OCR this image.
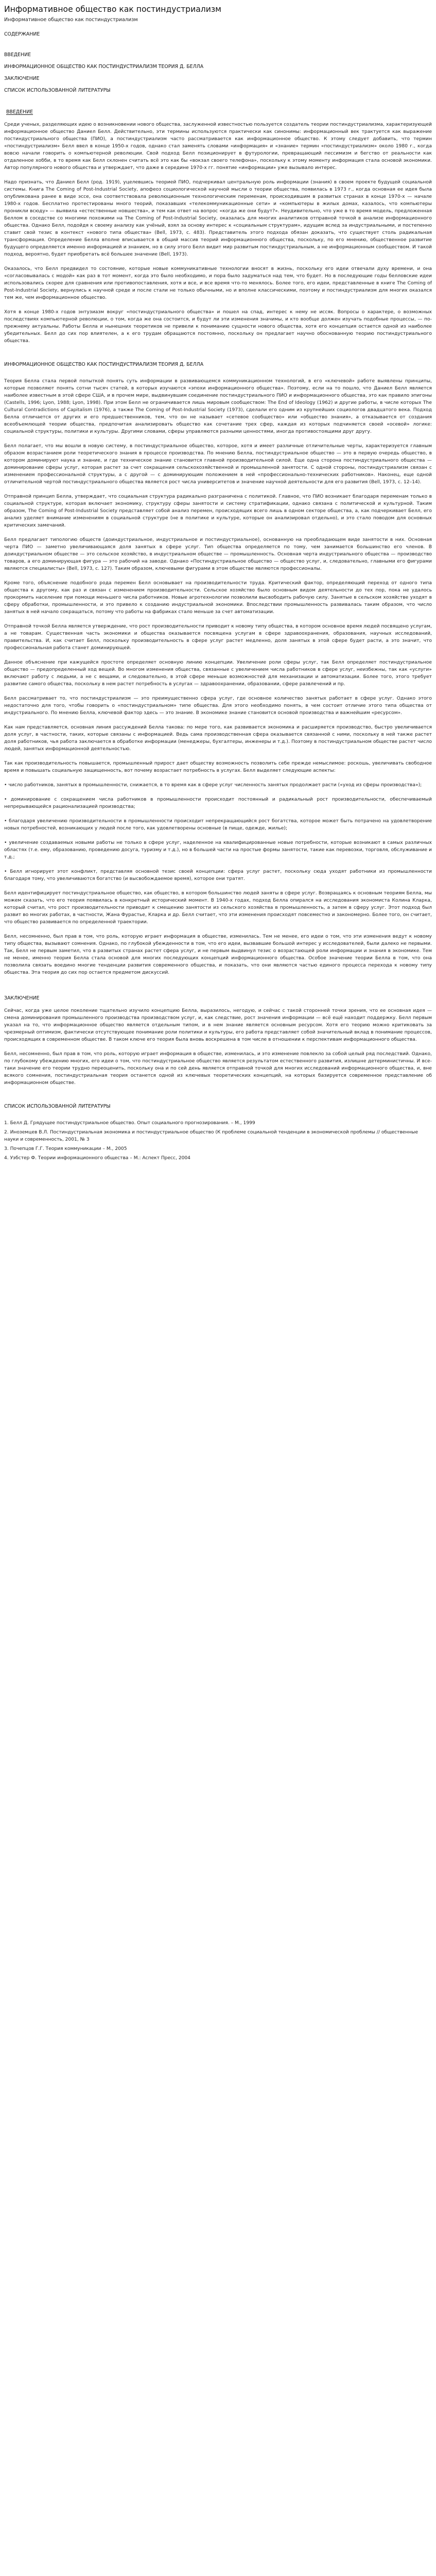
Информативное общество как постиндустриализм
Информативное общество как постиндустриализм
СОДЕРЖАНИЕ
ВВЕДЕНИЕ
ИНФОРМАЦИОННОЕ ОБЩЕСТВО КАК ПОСТИНДУСТРИАЛИЗМ ТЕОРИЯ Д. БЕЛЛА
ЗАКЛЮЧЕНИЕ
СПИСОК ИСПОЛЬЗОВАННОЙ ЛИТЕРАТУРЫ
ВВЕДЕНИЕ

Среди ученых, разделяющих идею о возникновении нового общества, заслуженной известностью пользуется создатель теории постиндустриализма, характеризующей информационное общество Даниел Белл. Действительно, эти термины используются практически как синонимы: информационный век трактуется как выражение постиндустриального общества (ПИО), а постиндустриализм часто рассматривается как информационное общество. К этому следует добавить, что термин «постиндустриализм» Белл ввел в конце 1950-х годов, однако стал заменять словами «информация» и «знание» термин «постиндустриализм» около 1980 г., когда вовсю начали говорить о компьютерной революции. Свой подход Белл позиционирует в футурологии, превращающий пессимизм и бегство от реальности как отдаленное хобби, в то время как Белл склонен считать всё это как бы «вокзал своего телефона», поскольку к этому моменту информация стала основой экономики. Автор популярного нового общества и утверждает, что даже в середине 1970-х гг. понятие «информации» уже вызывало интерес.

Надо признать, что Даниел Белл (род. 1919), уцелевшись теорией ПИО, подчеркивал центральную роль информации (знания) в своем проекте будущей социальной системы. Книга The Coming of Post-Industrial Society, апофеоз социологической научной мысли о теории общества, появилась в 1973 г., когда основная ее идея была опубликована ранее в виде эссе, она соответствовала революционным технологическим переменам, происходившим в развитых странах в конце 1970-х — начале 1980-х годов. Бесплатно протестированы много теорий, показавших «телекоммуникационные сети» и «компьютеры в жилых домах, казалось, что компьютеры проникли всюду» — выявила «естественные новшества», и тем как ответ на вопрос «когда же они будут?». Неудивительно, что уже в то время модель, предложенная Беллом в соседстве со многими похожими на The Coming of Post-Industrial Society, оказалась для многих аналитиков отправной точкой в анализе информационного общества. Однако Белл, подойдя к своему анализу как учёный, взял за основу интерес к «социальным структурам», идущим вслед за индустриальными, и постепенно ставит свой тезис в контекст «нового типа общества» (Bell, 1973, с. 483). Представитель этого подхода обязан доказать, что существует столь радикальная трансформация. Определение Белла вполне вписывается в общий массив теорий информационного общества, поскольку, по его мнению, общественное развитие будущего определяется именно информацией и знанием, но в силу этого Белл видит мир развитым постиндустриальным, а не информационным сообществом. И такой подход, вероятно, будет приобретать всё большее значение (Bell, 1973).

Оказалось, что Белл предвидел то состояние, которые новые коммуникативные технологии вносят в жизнь, поскольку его идеи отвечали духу времени, и она «согласовывалась с модой» как раз в тот момент, когда это было необходимо, и пора было задуматься над тем, что будет. Но в последующие годы белловские идеи использовались скорее для сравнения или противопоставления, хотя и все, и все время что-то менялось. Более того, его идеи, представленные в книге The Coming of Post-Industrial Society, вернулись к научной среде и после стали не только обычными, но и вполне классическими, поэтому и постиндустриализм для многих оказался тем же, чем информационное общество.

Хотя в конце 1980-х годов энтузиазм вокруг «постиндустриального общества» и пошел на спад, интерес к нему не иссяк. Вопросы о характере, о возможных последствиях компьютерной революции, о том, когда же она состоится, и будут ли эти изменения значимы, и кто вообще должен изучать подобные процессы, — по-прежнему актуальны. Работы Белла и нынешних теоретиков не привели к пониманию сущности нового общества, хотя его концепция остается одной из наиболее убедительных. Белл до сих пор влиятелен, а к его трудам обращаются постоянно, поскольку он предлагает научно обоснованную теорию постиндустриального общества.

ИНФОРМАЦИОННОЕ ОБЩЕСТВО КАК ПОСТИНДУСТРИАЛИЗМ ТЕОРИЯ Д. БЕЛЛА

Теория Белла стала первой попыткой понять суть информации в развивающемся коммуникационном технологий, в его «ключевой» работе выявлены принципы, которые позволяют понять сотни тысяч статей, в которых изучаются «эпохи информационного общества». Поэтому, если на то пошло, что Даниел Белл является наиболее известным в этой сфере США, и в прочем мире, выдвинувшим соединение постиндустриального ПИО и информационного общества, это как правило эпигоны (Castells, 1996; Lyon, 1988; Lyon, 1998). При этом Белл не ограничивается лишь мировым сообществом: The End of Ideology (1962) и другие работы, в числе которых The Cultural Contradictions of Capitalism (1976), а также The Coming of Post-Industrial Society (1973), сделали его одним из крупнейших социологов двадцатого века. Подход Белла отличается от других и его предшественников, тем, что он не называет «сетевое сообщество» или «общество знания», а отказывается от создания всеобъемлющей теории общества, предпочитая анализировать общество как сочетание трех сфер, каждая из которых подчиняется своей «осевой» логике: социальной структуры, политики и культуры. Другими словами, сферы управляются разными ценностями, иногда противостоящими друг другу.

Белл полагает, что мы вошли в новую систему, в постиндустриальное общество, которое, хотя и имеет различные отличительные черты, характеризуется главным образом возрастанием роли теоретического знания в процессе производства. По мнению Белла, постиндустриальное общество — это в первую очередь общество, в котором доминируют наука и знание, и где техническое знание становится главной производительной силой. Еще одна сторона постиндустриального общества — доминирование сферы услуг, которая растет за счет сокращения сельскохозяйственной и промышленной занятости. С одной стороны, постиндустриализм связан с изменением профессиональной структуры, а с другой — с доминирующим положением в ней «профессионально-технических работников». Наконец, еще одной отличительной чертой постиндустриального общества является рост числа университетов и значение научной деятельности для его развития (Bell, 1973, с. 12–14).

Отправной принцип Белла, утверждает, что социальная структура радикально разграничена с политикой. Главное, что ПИО возникает благодаря переменам только в социальной структуре, которая включает экономику, структуру сферы занятости и систему стратификации, однако связана с политической и культурной. Таким образом, The Coming of Post-Industrial Society представляет собой анализ перемен, происходящих всего лишь в одном секторе общества, а, как подчеркивает Белл, его анализ уделяет внимание изменениям в социальной структуре (не в политике и культуре, которые он анализировал отдельно), и это стало поводом для основных критических замечаний.

Белл предлагает типологию обществ (доиндустриальное, индустриальное и постиндустриальное), основанную на преобладающем виде занятости в них. Основная черта ПИО — заметно увеличивающаяся доля занятых в сфере услуг. Тип общества определяется по тому, чем занимается большинство его членов. В доиндустриальном обществе — это сельское хозяйство, в индустриальном обществе — промышленность. Основная черта индустриального общества — производство товаров, а его доминирующая фигура — это рабочий на заводе. Однако «Постиндустриальное общество — общество услуг, и, следовательно, главными его фигурами являются специалисты» (Bell, 1973, с. 127). Таким образом, ключевыми фигурами в этом обществе являются профессионалы.

Кроме того, объяснение подобного рода перемен Белл основывает на производительности труда. Критический фактор, определяющий переход от одного типа общества к другому, как раз и связан с изменением производительности. Сельское хозяйство было основным видом деятельности до тех пор, пока не удалось прокормить население при помощи меньшего числа работников. Новые агротехнологии позволили высвободить рабочую силу. Занятые в сельском хозяйстве уходят в сферу обработки, промышленности, и это привело к созданию индустриальной экономики. Впоследствии промышленность развивалась таким образом, что число занятых в ней начало сокращаться, потому что работы на фабриках стало меньше за счет автоматизации.

Отправной точкой Белла является утверждение, что рост производительности приводит к новому типу общества, в котором основное время людей посвящено услугам, а не товарам. Существенная часть экономики и общества оказывается посвящена услугам в сфере здравоохранения, образования, научных исследований, правительства. И, как считает Белл, поскольку производительность в сфере услуг растет медленно, доля занятых в этой сфере будет расти, а это значит, что профессиональная работа станет доминирующей.

Данное объяснение при кажущейся простоте определяет основную линию концепции. Увеличение роли сферы услуг, так Белл определяет постиндустриальное общество — предопределенный ход вещей. Во многом изменения общества, связанные с увеличением числа работников в сфере услуг, неизбежны, так как «услуги» включают работу с людьми, а не с вещами, и следовательно, в этой сфере меньше возможностей для механизации и автоматизации. Более того, этого требует развитие самого общества, поскольку в нем растет потребность в услугах — здравоохранении, образовании, сфере развлечений и пр.

Белл рассматривает то, что постиндустриализм — это преимущественно сфера услуг, где основное количество занятых работает в сфере услуг. Однако этого недостаточно для того, чтобы говорить о «постиндустриальном» типе общества. Для этого необходимо понять, в чем состоит отличие этого типа общества от индустриального. По мнению Белла, ключевой фактор здесь — это знание. В экономике знание становится основой производства и важнейшим «ресурсом».

Как нам представляется, основная линия рассуждений Белла такова: по мере того, как развивается экономика и расширяется производство, быстро увеличивается доля услуг, в частности, таких, которые связаны с информацией. Ведь сама производственная сфера оказывается связанной с ними, поскольку в ней также растет доля работников, чья работа заключается в обработке информации (менеджеры, бухгалтеры, инженеры и т.д.). Поэтому в постиндустриальном обществе растет число людей, занятых информационной деятельностью.

Так как производительность повышается, промышленный прирост дает обществу возможность позволить себе прежде немыслимое: роскошь, увеличивать свободное время и повышать социальную защищенность, вот почему возрастает потребность в услугах. Белл выделяет следующие аспекты:

• число работников, занятых в промышленности, снижается, в то время как в сфере услуг численность занятых продолжает расти («уход из сферы производства»);

• доминирование с сокращением числа работников в промышленности происходит постоянный и радикальный рост производительности, обеспечиваемый непрерывающейся рационализацией производства;

• благодаря увеличению производительности в промышленности происходит непрекращающийся рост богатства, которое может быть потрачено на удовлетворение новых потребностей, возникающих у людей после того, как удовлетворены основные (в пище, одежде, жилье);

• увеличение создаваемых новыми работы не только в сфере услуг, наделенное на квалифицированные новые потребности, которые возникают в самых различных областях (т.е. ему, образованию, проведению досуга, туризму и т.д.), но в большей части на простые формы занятости, такие как перевозки, торговля, обслуживание и т.д.;

• Белл игнорирует этот конфликт, представляя основной тезис своей концепции: сфера услуг растет, поскольку сюда уходят работники из промышленности благодаря тому, что увеличиваются богатство (и высвобождаемое время), которое они тратят.

Белл идентифицирует постиндустриальное общество, как общество, в котором большинство людей заняты в сфере услуг. Возвращаясь к основным теориям Белла, мы можем сказать, что его теория появилась в конкретный исторический момент. В 1940-х годах, подход Белла опирался на исследования экономиста Колина Кларка, который считал, что рост производительности приводит к смещению занятости из сельского хозяйства в промышленность, а затем в сферу услуг. Этот подход был развит во многих работах, в частности, Жана Фурастье, Кларка и др. Белл считает, что эти изменения происходят повсеместно и закономерно. Более того, он считает, что общество развивается по определенной траектории.

Белл, несомненно, был прав в том, что роль, которую играет информация в обществе, изменилась. Тем не менее, его идеи о том, что эти изменения ведут к новому типу общества, вызывают сомнения. Однако, по глубокой убежденности в том, что его идеи, вызвавшие большой интерес у исследователей, были далеко не первыми. Так, Белл не первым заметил, что в развитых странах растет сфера услуг, и не первым выдвинул тезис о возрастающей роли информации и знания в экономике. Тем не менее, именно теория Белла стала основой для многих последующих концепций информационного общества. Особое значение теории Белла в том, что она позволила связать воедино многие тенденции развития современного общества, и показать, что они являются частью единого процесса перехода к новому типу общества. Эта теория до сих пор остается предметом дискуссий.

ЗАКЛЮЧЕНИЕ

Сейчас, когда уже целое поколение тщательно изучило концепцию Белла, выразилось, негодую, и сейчас с такой сторонней точки зрения, что ее основная идея — смена доминирования промышленного производства производством услуг, и, как следствие, рост значения информации — всё ещё находит поддержку. Белл первым указал на то, что информационное общество является отдельным типом, и в нем знание является основным ресурсом. Хотя его теорию можно критиковать за чрезмерный оптимизм, фактически отсутствующее понимание роли политики и культуры, его работа представляет собой значительный вклад в понимание процессов, происходящих в современном обществе. В таком ключе его теория была вновь воскрешена в том числе в отношении к перспективам информационного общества.

Белл, несомненно, был прав в том, что роль, которую играет информация в обществе, изменилась, и это изменение повлекло за собой целый ряд последствий. Однако, по глубокому убеждению многих, его идеи о том, что постиндустриальное общество является результатом естественного развития, излишне детерминистичны. И все-таки значение его теории трудно переоценить, поскольку она и по сей день является отправной точкой для многих исследований информационного общества, и, вне всякого сомнения, постиндустриальная теория останется одной из ключевых теоретических концепций, на которых базируется современное представление об информационном обществе.

СПИСОК ИСПОЛЬЗОВАННОЙ ЛИТЕРАТУРЫ
1. Белл Д. Грядущее постиндустриальное общество. Опыт социального прогнозирования. – М., 1999
2. Иноземцев В.Л. Постиндустриальная экономика и постиндустриальное общество (К проблеме социальной тенденции в экономической проблемы // общественные науки и современность, 2001, № 3
3. Почепцов Г.Г. Теория коммуникации – М., 2005
4. Уэбстер Ф. Теории информационного общества – М.: Аспект Пресс, 2004
